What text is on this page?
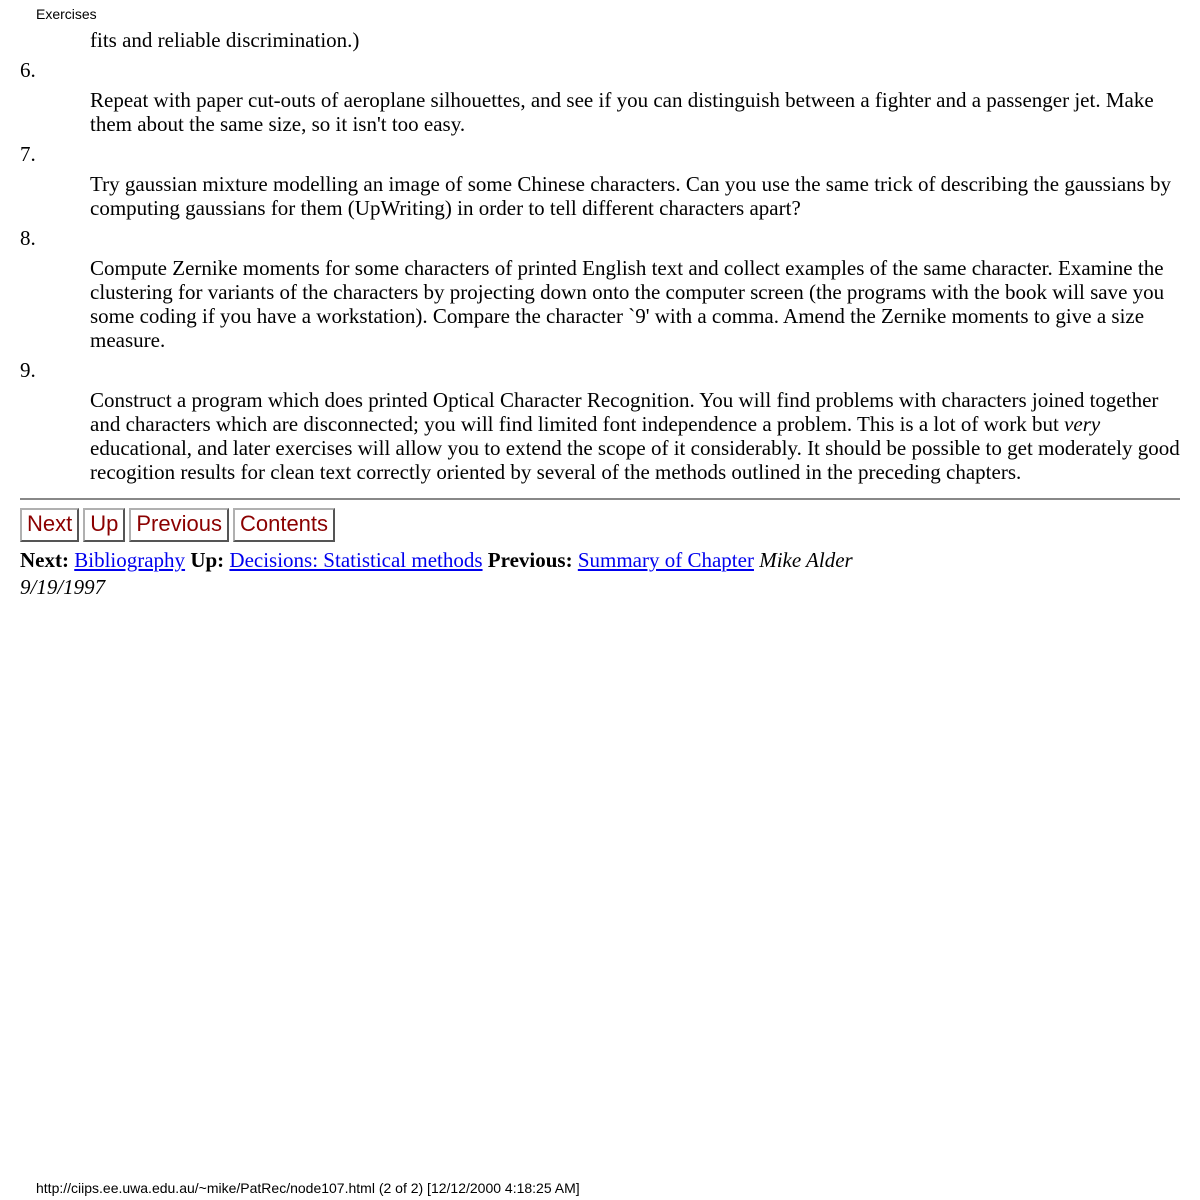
Exercises
fits and reliable discrimination.)
6.
Repeat with paper cut-outs of aeroplane silhouettes, and see if you can distinguish between a fighter and a passenger jet. Make them about the same size, so it isn't too easy.
7.
Try gaussian mixture modelling an image of some Chinese characters. Can you use the same trick of describing the gaussians by computing gaussians for them (UpWriting) in order to tell different characters apart?
8.
Compute Zernike moments for some characters of printed English text and collect examples of the same character. Examine the clustering for variants of the characters by projecting down onto the computer screen (the programs with the book will save you some coding if you have a workstation). Compare the character `9' with a comma. Amend the Zernike moments to give a size measure.
9.
Construct a program which does printed Optical Character Recognition. You will find problems with characters joined together and characters which are disconnected; you will find limited font independence a problem. This is a lot of work but very educational, and later exercises will allow you to extend the scope of it considerably. It should be possible to get moderately good recogition results for clean text correctly oriented by several of the methods outlined in the preceding chapters.
Next Up Previous Contents
Next: Bibliography Up: Decisions: Statistical methods Previous: Summary of Chapter Mike Alder
9/19/1997
http://ciips.ee.uwa.edu.au/~mike/PatRec/node107.html (2 of 2) [12/12/2000 4:18:25 AM]
